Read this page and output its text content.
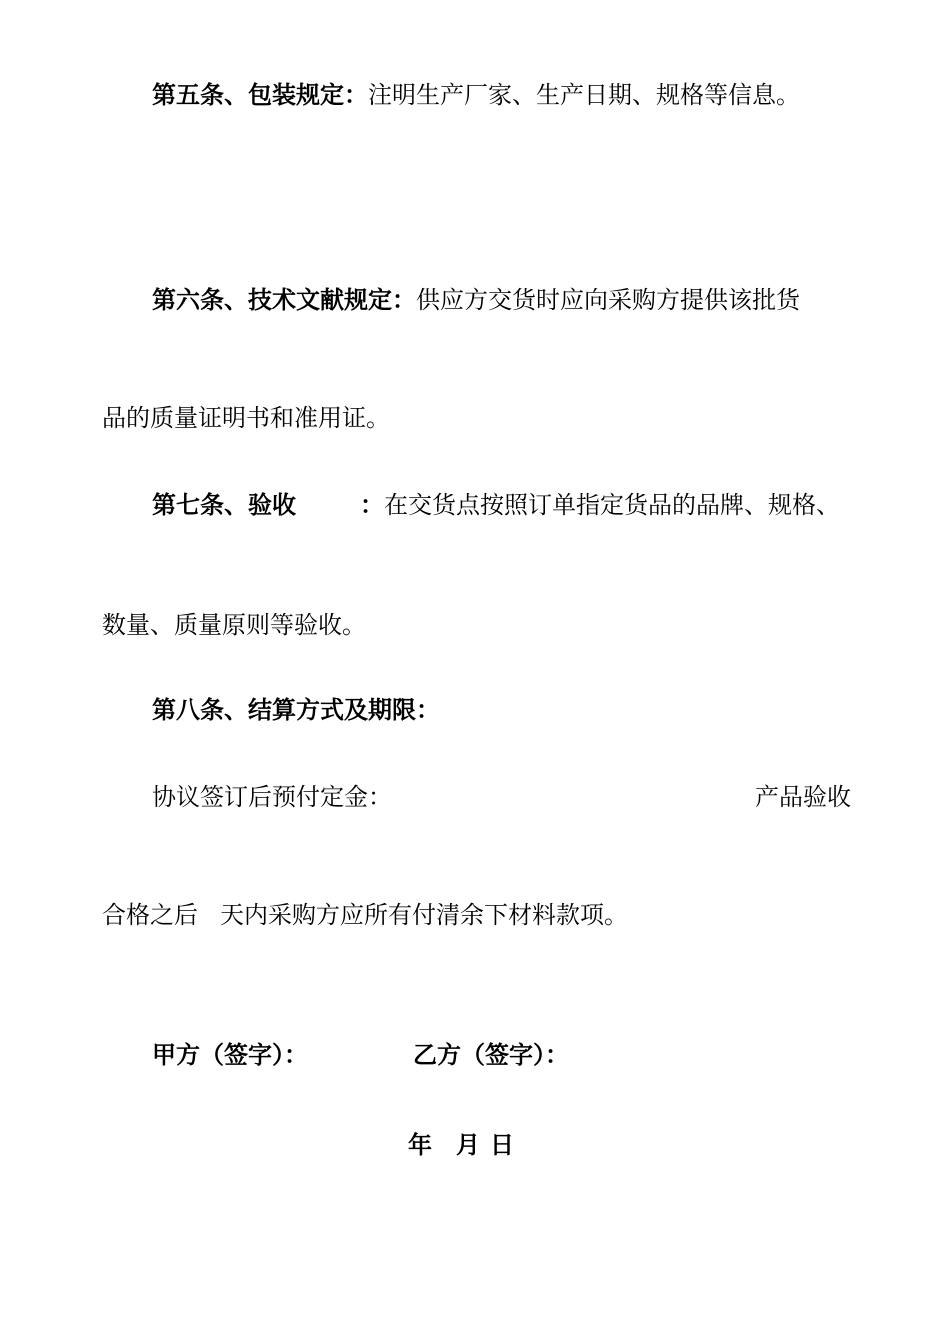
第五条、包装规定：注明生产厂家、生产日期、规格等信息。
第六条、技术文献规定：供应方交货时应向采购方提供该批货
品的质量证明书和准用证。
第七条、验收	：在交货点按照订单指定货品的品牌、规格、
数量、质量原则等验收。
第八条、结算方式及期限：
协议签订后预付定金：	产品验收
合格之后 天内采购方应所有付清余下材料款项。
甲方（签字）：	乙方（签字）：
年 月 日
